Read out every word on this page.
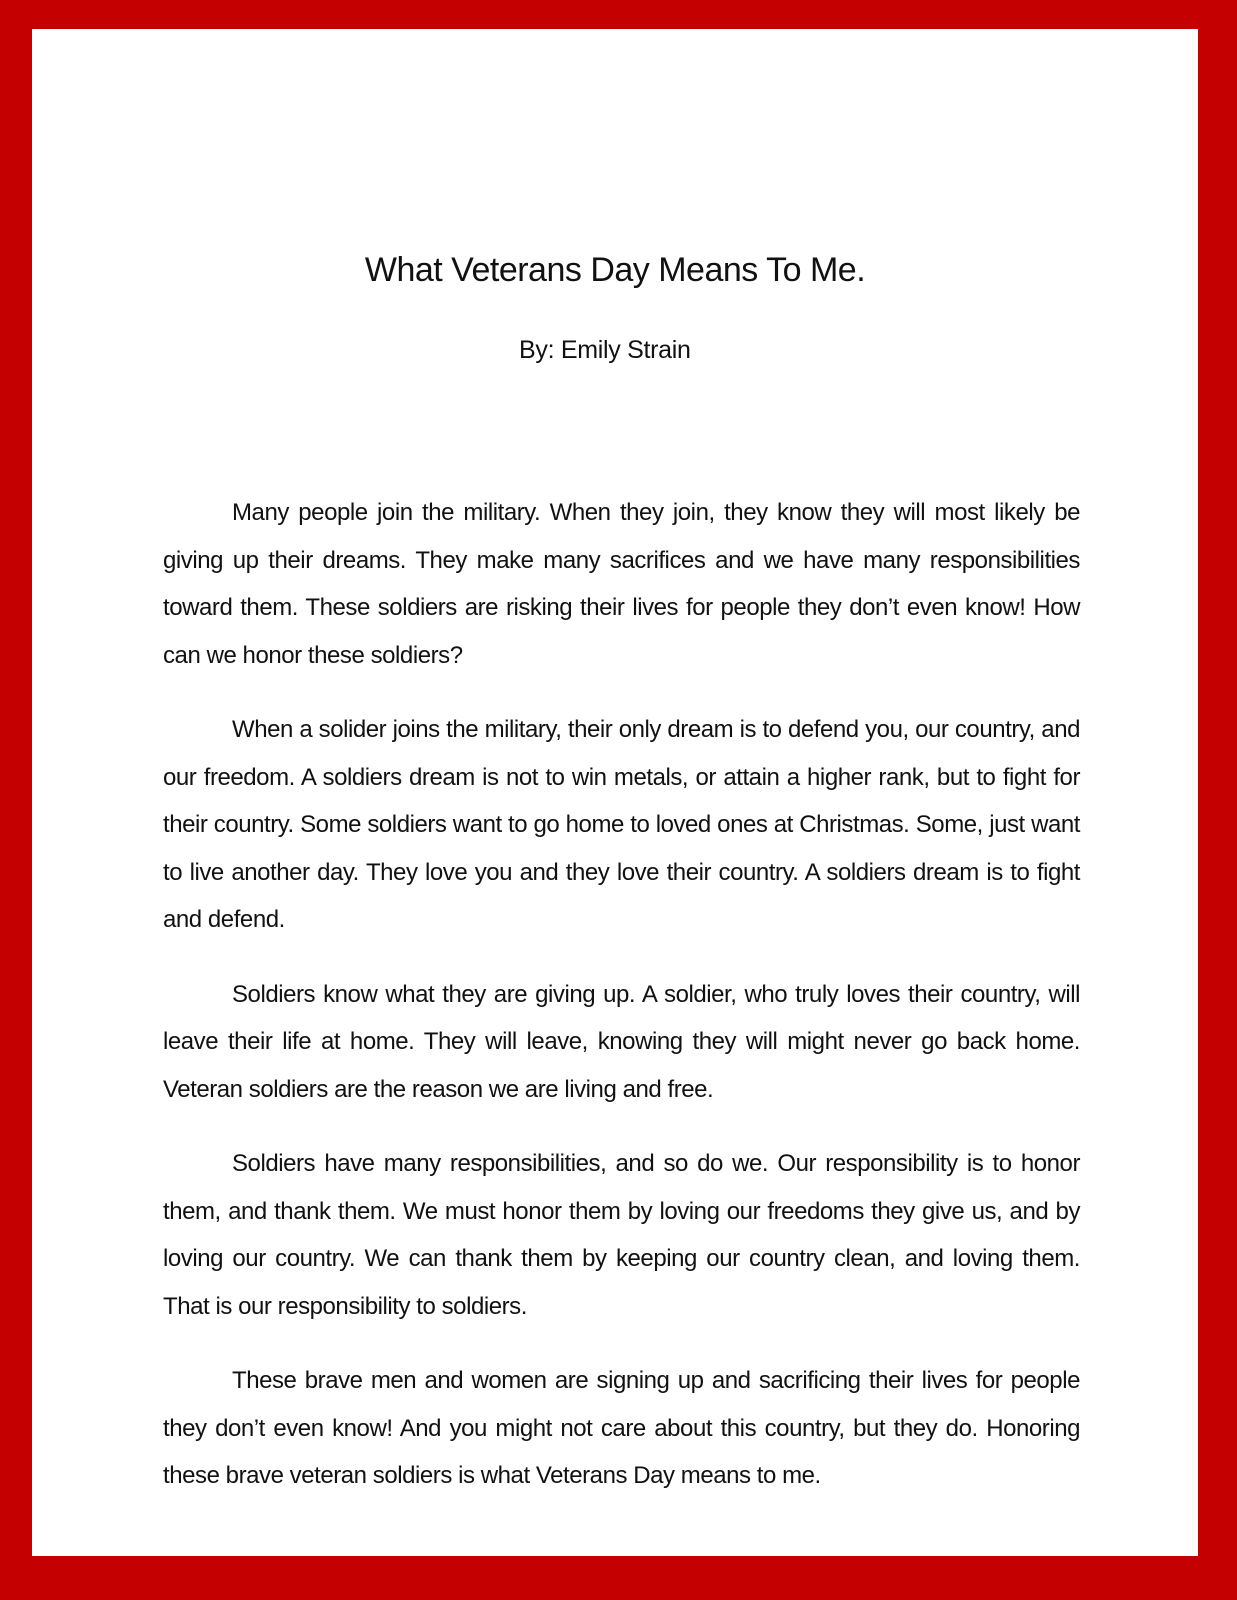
What Veterans Day Means To Me.

By: Emily Strain

Many people join the military. When they join, they know they will most likely be giving up their dreams. They make many sacrifices and we have many responsibilities toward them. These soldiers are risking their lives for people they don’t even know! How can we honor these soldiers?

When a solider joins the military, their only dream is to defend you, our country, and our freedom. A soldiers dream is not to win metals, or attain a higher rank, but to fight for their country. Some soldiers want to go home to loved ones at Christmas. Some, just want to live another day. They love you and they love their country. A soldiers dream is to fight and defend.

Soldiers know what they are giving up. A soldier, who truly loves their country, will leave their life at home. They will leave, knowing they will might never go back home. Veteran soldiers are the reason we are living and free.

Soldiers have many responsibilities, and so do we. Our responsibility is to honor them, and thank them. We must honor them by loving our freedoms they give us, and by loving our country. We can thank them by keeping our country clean, and loving them. That is our responsibility to soldiers.

These brave men and women are signing up and sacrificing their lives for people they don’t even know! And you might not care about this country, but they do. Honoring these brave veteran soldiers is what Veterans Day means to me.
